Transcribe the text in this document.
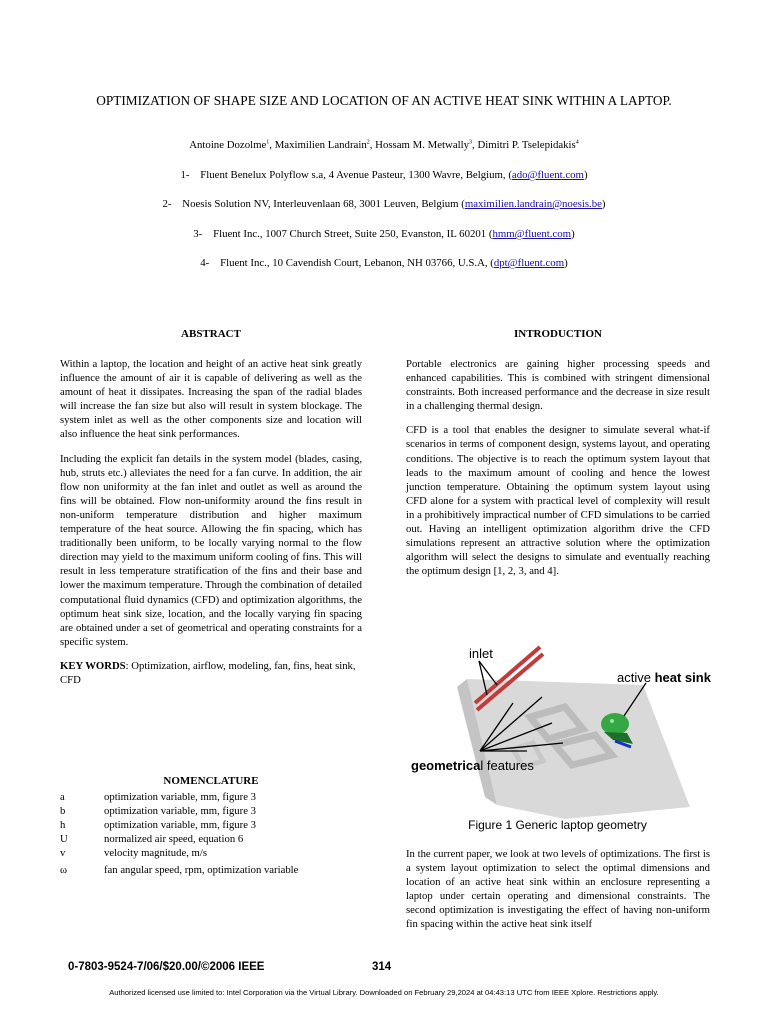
OPTIMIZATION OF SHAPE SIZE AND LOCATION OF AN ACTIVE HEAT SINK WITHIN A LAPTOP.
Antoine Dozolme$^1$, Maximilien Landrain$^2$, Hossam M. Metwally$^3$, Dimitri P. Tselepidakis$^4$
1- Fluent Benelux Polyflow s.a, 4 Avenue Pasteur, 1300 Wavre, Belgium, (ado@fluent.com)
2- Noesis Solution NV, Interleuvenlaan 68, 3001 Leuven, Belgium (maximilien.landrain@noesis.be)
3- Fluent Inc., 1007 Church Street, Suite 250, Evanston, IL 60201 (hmm@fluent.com)
4- Fluent Inc., 10 Cavendish Court, Lebanon, NH 03766, U.S.A, (dpt@fluent.com)
ABSTRACT

Within a laptop, the location and height of an active heat sink greatly influence the amount of air it is capable of delivering as well as the amount of heat it dissipates. Increasing the span of the radial blades will increase the fan size but also will result in system blockage. The system inlet as well as the other components size and location will also influence the heat sink performances.

Including the explicit fan details in the system model (blades, casing, hub, struts etc.) alleviates the need for a fan curve. In addition, the air flow non uniformity at the fan inlet and outlet as well as around the fins will be obtained. Flow non-uniformity around the fins result in non-uniform temperature distribution and higher maximum temperature of the heat source. Allowing the fin spacing, which has traditionally been uniform, to be locally varying normal to the flow direction may yield to the maximum uniform cooling of fins. This will result in less temperature stratification of the fins and their base and lower the maximum temperature. Through the combination of detailed computational fluid dynamics (CFD) and optimization algorithms, the optimum heat sink size, location, and the locally varying fin spacing are obtained under a set of geometrical and operating constraints for a specific system.

KEY WORDS: Optimization, airflow, modeling, fan, fins, heat sink, CFD

NOMENCLATURE
a	optimization variable, mm, figure 3
b	optimization variable, mm, figure 3
h	optimization variable, mm, figure 3
U	normalized air speed, equation 6
v	velocity magnitude, m/s
ω	fan angular speed, rpm, optimization variable
INTRODUCTION

Portable electronics are gaining higher processing speeds and enhanced capabilities. This is combined with stringent dimensional constraints. Both increased performance and the decrease in size result in a challenging thermal design.

CFD is a tool that enables the designer to simulate several what-if scenarios in terms of component design, systems layout, and operating conditions. The objective is to reach the optimum system layout that leads to the maximum amount of cooling and hence the lowest junction temperature. Obtaining the optimum system layout using CFD alone for a system with practical level of complexity will result in a prohibitively impractical number of CFD simulations to be carried out. Having an intelligent optimization algorithm drive the CFD simulations represent an attractive solution where the optimization algorithm will select the designs to simulate and eventually reaching the optimum design [1, 2, 3, and 4].

inlet
active heat sink
geometrical features
Figure 1 Generic laptop geometry

In the current paper, we look at two levels of optimizations. The first is a system layout optimization to select the optimal dimensions and location of an active heat sink within an enclosure representing a laptop under certain operating and dimensional constraints. The second optimization is investigating the effect of having non-uniform fin spacing within the active heat sink itself

0-7803-9524-7/06/$20.00/©2006 IEEE	314
Authorized licensed use limited to: Intel Corporation via the Virtual Library. Downloaded on February 29,2024 at 04:43:13 UTC from IEEE Xplore. Restrictions apply.
